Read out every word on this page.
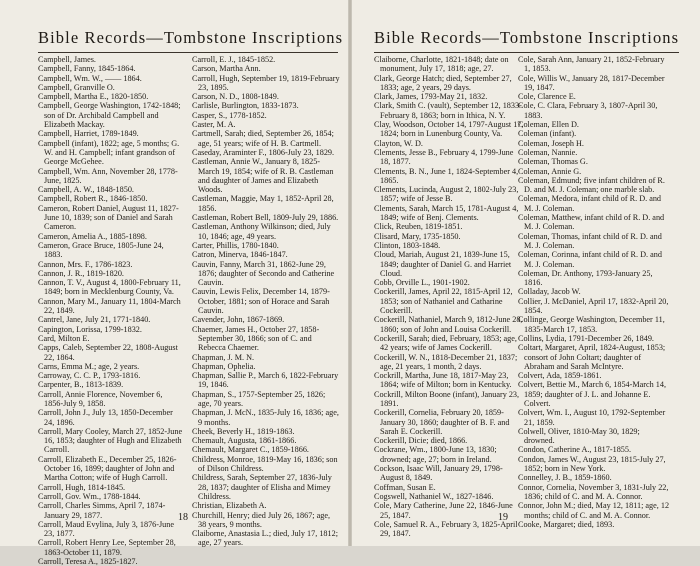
Bible Records—Tombstone Inscriptions
Campbell, James.
Campbell, Fanny, 1845-1864.
Campbell, Wm. W., —— 1864.
Campbell, Granville O.
Campbell, Martha E., 1820-1850.
Campbell, George Washington, 1742-1848; son of Dr. Archibald Campbell and Elizabeth Mackay.
Campbell, Harriet, 1789-1849.
Campbell (infant), 1822; age, 5 months; G. W. and H. Campbell; infant grandson of George McGehee.
Campbell, Wm. Ann, November 28, 1778-June, 1825.
Campbell, A. W., 1848-1850.
Campbell, Robert R., 1846-1850.
Cameron, Robert Daniel, August 11, 1827-June 10, 1839; son of Daniel and Sarah Cameron.
Cameron, Amelia A., 1885-1898.
Cameron, Grace Bruce, 1805-June 24, 1883.
Cannon, Mrs. F., 1786-1823.
Cannon, J. R., 1819-1820.
Cannon, T. V., August 4, 1800-February 11, 1849; born in Mecklenburg County, Va.
Cannon, Mary M., January 11, 1804-March 22, 1849.
Cantrel, Jane, July 21, 1771-1840.
Capington, Lorissa, 1799-1832.
Card, Milton E.
Capps, Caleb, September 22, 1808-August 22, 1864.
Carns, Emma M.; age, 2 years.
Carroway, C. C. P., 1793-1816.
Carpenter, B., 1813-1839.
Carroll, Annie Florence, November 6, 1856-July 9, 1858.
Carroll, John J., July 13, 1850-December 24, 1896.
Carroll, Mary Cooley, March 27, 1852-June 16, 1853; daughter of Hugh and Elizabeth Carroll.
Carroll, Elizabeth E., December 25, 1826-October 16, 1899; daughter of John and Martha Cotton; wife of Hugh Carroll.
Carroll, Hugh, 1814-1845.
Carroll, Gov. Wm., 1788-1844.
Carroll, Charles Simms, April 7, 1874-January 29, 1877.
Carroll, Maud Evylina, July 3, 1876-June 23, 1877.
Carroll, Robert Henry Lee, September 28, 1863-October 11, 1879.
Carroll, Teresa A., 1825-1827.
Carroll, E. J., 1845-1852.
Carson, Martha Ann.
Carroll, Hugh, September 19, 1819-February 23, 1895.
Carson, N. D., 1808-1849.
Carlisle, Burlington, 1833-1873.
Casper, S., 1778-1852.
Caster, M. A.
Cartmell, Sarah; died, September 26, 1854; age, 51 years; wife of H. B. Cartmell.
Caseday, Araminter F., 1806-July 23, 1829.
Castleman, Annie W., January 8, 1825-March 19, 1854; wife of R. B. Castleman and daughter of James and Elizabeth Woods.
Castleman, Maggie, May 1, 1852-April 28, 1856.
Castleman, Robert Bell, 1809-July 29, 1886.
Castleman, Anthony Wilkinson; died, July 10, 1846; age, 49 years.
Carter, Phillis, 1780-1840.
Catron, Minerva, 1846-1847.
Cauvin, Fanny, March 31, 1862-June 29, 1876; daughter of Secondo and Catherine Cauvin.
Cauvin, Lewis Felix, December 14, 1879-October, 1881; son of Horace and Sarah Cauvin.
Cavender, John, 1867-1869.
Chaemer, James H., October 27, 1858-September 30, 1866; son of C. and Rebecca Chaemer.
Chapman, J. M. N.
Chapman, Ophelia.
Chapman, Sallie P., March 6, 1822-February 19, 1846.
Chapman, S., 1757-September 25, 1826; age, 70 years.
Chapman, J. McN., 1835-July 16, 1836; age, 9 months.
Cheek, Beverly H., 1819-1863.
Chemault, Augusta, 1861-1866.
Chemault, Margaret C., 1859-1866.
Childress, Monroe, 1819-May 16, 1836; son of Dilson Childress.
Childress, Sarah, September 27, 1836-July 28, 1837; daughter of Elisha and Mimey Childress.
Christian, Elizabeth A.
Churchill, Henry; died July 26, 1867; age, 38 years, 9 months.
Claiborne, Anastasia L.; died, July 17, 1812; age, 27 years.
18
Bible Records—Tombstone Inscriptions
Claiborne, Charlotte, 1821-1848; date on monument, July 17, 1818; age, 27.
Clark, George Hatch; died, September 27, 1833; age, 2 years, 29 days.
Clark, James, 1793-May 21, 1832.
Clark, Smith C. (vault), September 12, 1833-February 8, 1863; born in Ithica, N. Y.
Clay, Woodson, October 14, 1797-August 17, 1824; born in Lunenburg County, Va.
Clayton, W. D.
Clements, Jesse B., February 4, 1799-June 18, 1877.
Clements, B. N., June 1, 1824-September 4, 1865.
Clements, Lucinda, August 2, 1802-July 23, 1857; wife of Jesse B.
Clements, Sarah, March 15, 1781-August 4, 1849; wife of Benj. Clements.
Click, Reuben, 1819-1851.
Clisard, Mary, 1735-1850.
Clinton, 1803-1848.
Cloud, Mariah, August 21, 1839-June 15, 1849; daughter of Daniel G. and Harriet Cloud.
Cobb, Orville L., 1901-1902.
Cockerill, James, April 22, 1815-April 12, 1853; son of Nathaniel and Catharine Cockerill.
Cockerill, Nathaniel, March 9, 1812-June 28, 1860; son of John and Louisa Cockerill.
Cockerill, Sarah; died, February, 1853; age, 42 years; wife of James Cockerill.
Cockerill, W. N., 1818-December 21, 1837; age, 21 years, 1 month, 2 days.
Cockrill, Martha, June 18, 1817-May 23, 1864; wife of Milton; born in Kentucky.
Cockrill, Milton Boone (infant), January 23, 1891.
Cockerill, Cornelia, February 20, 1859-January 30, 1860; daughter of B. F. and Sarah E. Cockerill.
Cockerill, Dicie; died, 1866.
Cockrane, Wm., 1800-June 13, 1830; drowned; age, 27; born in Ireland.
Cockson, Isaac Will, January 29, 1798-August 8, 1849.
Coffman, Susan E.
Cogswell, Nathaniel W., 1827-1846.
Cole, Mary Catherine, June 22, 1846-June 25, 1847.
Cole, Samuel R. A., February 3, 1825-April 29, 1847.
Cole, Sarah Ann, January 21, 1852-February 1, 1853.
Cole, Willis W., January 28, 1817-December 19, 1847.
Cole, Clarence E.
Cole, C. Clara, February 3, 1807-April 30, 1883.
Coleman, Ellen D.
Coleman (infant).
Coleman, Joseph H.
Coleman, Nannie.
Coleman, Thomas G.
Coleman, Annie G.
Coleman, Edmund; five infant children of R. D. and M. J. Coleman; one marble slab.
Coleman, Medora, infant child of R. D. and M. J. Coleman.
Coleman, Matthew, infant child of R. D. and M. J. Coleman.
Coleman, Thomas, infant child of R. D. and M. J. Coleman.
Coleman, Corinna, infant child of R. D. and M. J. Coleman.
Coleman, Dr. Anthony, 1793-January 25, 1816.
Colladay, Jacob W.
Collier, J. McDaniel, April 17, 1832-April 20, 1854.
Collinge, George Washington, December 11, 1835-March 17, 1853.
Collins, Lydia, 1791-December 26, 1849.
Coltart, Margaret, April, 1824-August, 1853; consort of John Coltart; daughter of Abraham and Sarah McIntyre.
Colvert, Ada, 1859-1861.
Colvert, Bettie M., March 6, 1854-March 14, 1859; daughter of J. L. and Johanne E. Colvert.
Colvert, Wm. I., August 10, 1792-September 21, 1859.
Colwell, Oliver, 1810-May 30, 1829; drowned.
Condon, Catherine A., 1817-1855.
Condon, James W., August 23, 1815-July 27, 1852; born in New York.
Connelley, J. B., 1859-1860.
Connor, Cornelia, November 3, 1831-July 22, 1836; child of C. and M. A. Connor.
Connor, John M.; died, May 12, 1811; age, 12 months; child of C. and M. A. Connor.
Cooke, Margaret; died, 1893.
19
